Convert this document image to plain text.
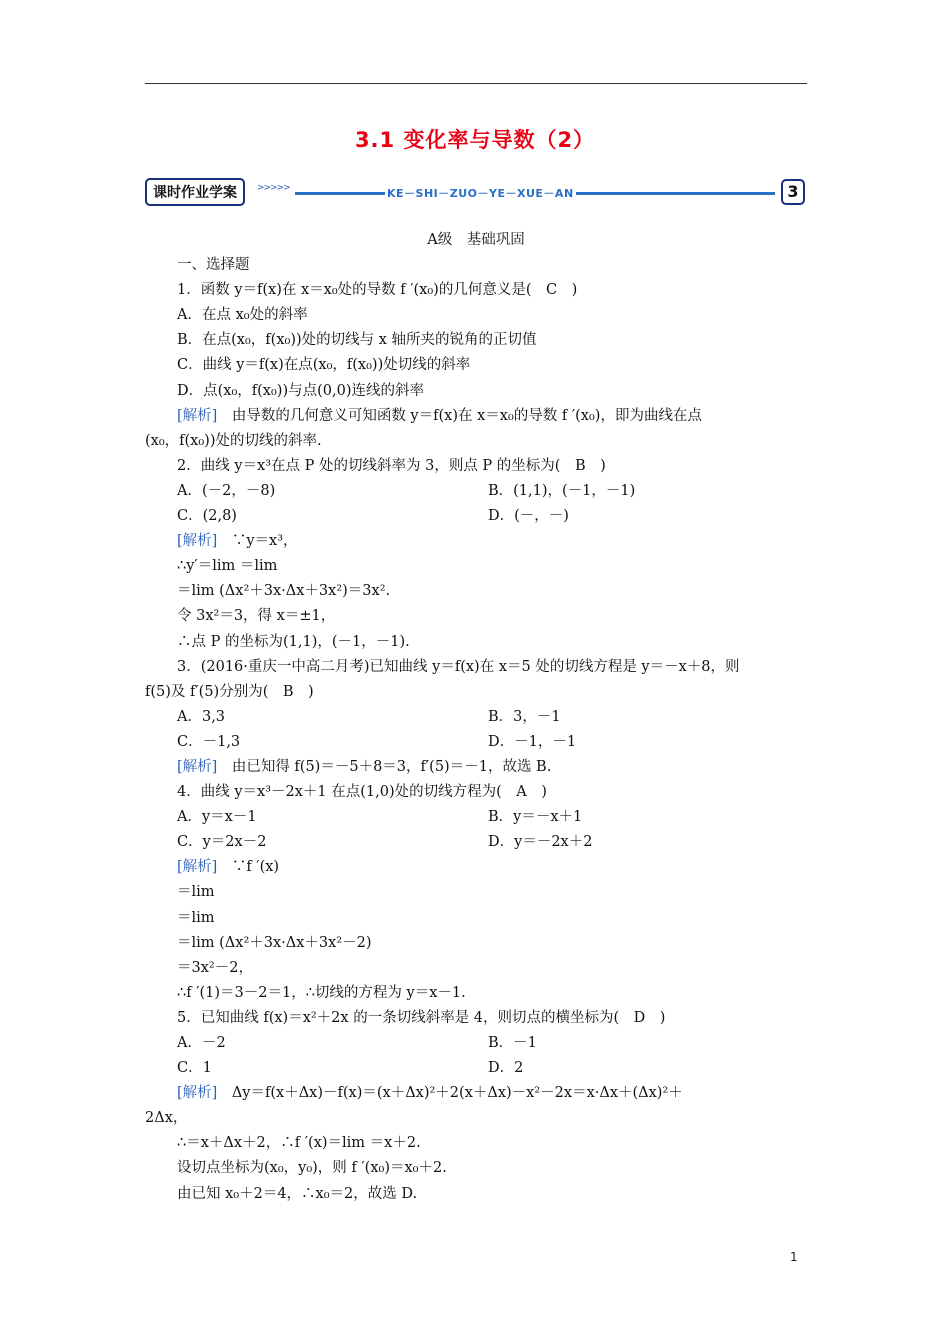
3.1 变化率与导数（2）
课时作业学案	>>>>>	KE－SHI－ZUO－YE－XUE－AN	3
A级　基础巩固
一、选择题
1．函数 y＝f(x)在 x＝x₀处的导数 f ′(x₀)的几何意义是(　C　)
A．在点 x₀处的斜率
B．在点(x₀，f(x₀))处的切线与 x 轴所夹的锐角的正切值
C．曲线 y＝f(x)在点(x₀，f(x₀))处切线的斜率
D．点(x₀，f(x₀))与点(0,0)连线的斜率
[解析]　由导数的几何意义可知函数 y＝f(x)在 x＝x₀的导数 f ′(x₀)，即为曲线在点
(x₀，f(x₀))处的切线的斜率.
2．曲线 y＝x³在点 P 处的切线斜率为 3，则点 P 的坐标为(　B　)
A．(－2，－8)	B．(1,1)，(－1，－1)
C．(2,8)	D．(－，－)
[解析]　∵y＝x³，
∴y′＝lim ＝lim
＝lim (Δx²＋3x·Δx＋3x²)＝3x².
令 3x²＝3，得 x＝±1，
∴点 P 的坐标为(1,1)，(－1，－1).
3．(2016·重庆一中高二月考)已知曲线 y＝f(x)在 x＝5 处的切线方程是 y＝－x＋8，则
f(5)及 f′(5)分别为(　B　)
A．3,3	B．3，－1
C．－1,3	D．－1，－1
[解析]　由已知得 f(5)＝－5＋8＝3，f′(5)＝－1，故选 B.
4．曲线 y＝x³－2x＋1 在点(1,0)处的切线方程为(　A　)
A．y＝x－1	B．y＝－x＋1
C．y＝2x－2	D．y＝－2x＋2
[解析]　∵f ′(x)
＝lim
＝lim
＝lim (Δx²＋3x·Δx＋3x²－2)
＝3x²－2，
∴f ′(1)＝3－2＝1，∴切线的方程为 y＝x－1.
5．已知曲线 f(x)＝x²＋2x 的一条切线斜率是 4，则切点的横坐标为(　D　)
A．－2	B．－1
C．1	D．2
[解析]　Δy＝f(x＋Δx)－f(x)＝(x＋Δx)²＋2(x＋Δx)－x²－2x＝x·Δx＋(Δx)²＋
2Δx，
∴＝x＋Δx＋2，∴f ′(x)＝lim ＝x＋2.
设切点坐标为(x₀，y₀)，则 f ′(x₀)＝x₀＋2.
由已知 x₀＋2＝4，∴x₀＝2，故选 D.
1
